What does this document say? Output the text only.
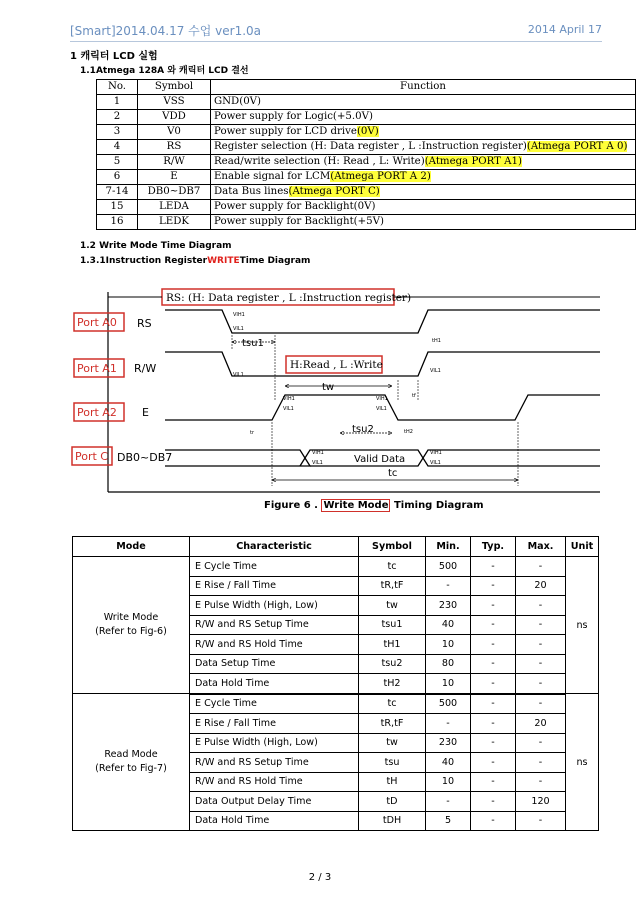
[Smart]2014.04.17 수업 ver1.0a	2014 April 17
1 캐릭터 LCD 실험
1.1Atmega 128A 와 캐릭터 LCD 결선
No.	Symbol	Function
1	VSS	GND(0V)
2	VDD	Power supply for Logic(+5.0V)
3	V0	Power supply for LCD drive(0V)
4	RS	Register selection (H: Data register , L :Instruction register)(Atmega PORT A 0)
5	R/W	Read/write selection (H: Read , L: Write)(Atmega PORT A1)
6	E	Enable signal for LCM(Atmega PORT A 2)
7-14	DB0~DB7	Data Bus lines(Atmega PORT C)
15	LEDA	Power supply for Backlight(0V)
16	LEDK	Power supply for Backlight(+5V)
1.2 Write Mode Time Diagram
1.3.1Instruction RegisterWRITETime Diagram
RS: (H: Data register , L :Instruction register)
Port A0
Port A1
Port A2
Port C
RS
R/W
E
DB0~DB7
VIH1
VIL1
VIL1
VIL1
H:Read , L :Write
tsu1	tH1
VIH1
VIL1
VIH1
VIL1
tw
tr
tf
tsu2	tH2
Valid Data
VIH1
VIL1
VIH1
VIL1
tc
Figure 6 . Write Mode Timing Diagram
Mode	Characteristic	Symbol	Min.	Typ.	Max.	Unit

Write Mode
(Refer to Fig-6)	E Cycle Time	tc	500	-	-	ns
	E Rise / Fall Time	tR,tF	-	-	20	
	E Pulse Width (High, Low)	tw	230	-	-	
	R/W and RS Setup Time	tsu1	40	-	-	
	R/W and RS Hold Time	tH1	10	-	-	
	Data Setup Time	tsu2	80	-	-	
	Data Hold Time	tH2	10	-	-	

Read Mode
(Refer to Fig-7)	E Cycle Time	tc	500	-	-	ns
	E Rise / Fall Time	tR,tF	-	-	20	
	E Pulse Width (High, Low)	tw	230	-	-	
	R/W and RS Setup Time	tsu	40	-	-	
	R/W and RS Hold Time	tH	10	-	-	
	Data Output Delay Time	tD	-	-	120	
	Data Hold Time	tDH	5	-	-	
2 / 3
